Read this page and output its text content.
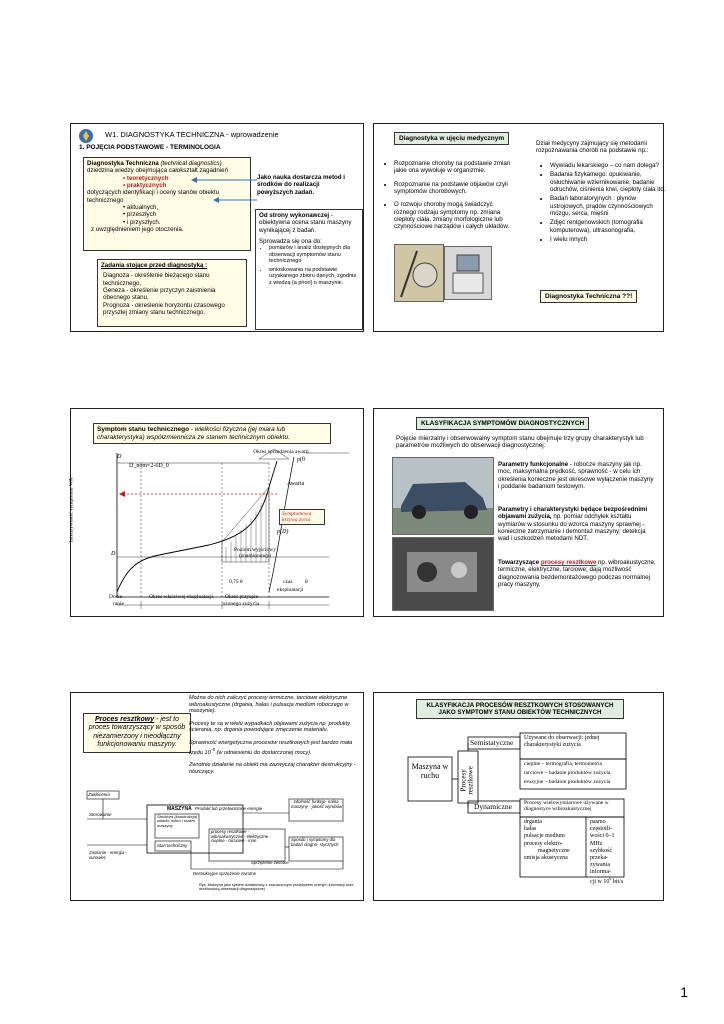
W1. DIAGNOSTYKA TECHNICZNA - wprowadzenie
1. POJĘCIA PODSTAWOWE - TERMINOLOGIA
Diagnostyka Techniczna (technical diagnostics)
dziedzina wiedzy obejmująca całokształt zagadnień
• teoretycznych
• praktycznych
dotyczących identyfikacji i oceny stanów obiektu technicznego
• aktualnych,
• przeszłych
• i przyszłych.
z uwzględnieniem jego otoczenia.
Jako nauka dostarcza metod i środków do realizacji powyższych zadań.
Od strony wykonawczej - obiektywna ocena stanu maszyny wynikającej z badań.
Sprowadza się ona do:
• pomiarów i analiz dostępnych dla obserwacji symptomów stanu technicznego
• wnioskowania na podstawie uzyskanego zbioru danych, zgodnie z wiedzą (a priori) o maszynie.
Zadania stojące przed diagnostyką :
Diagnoza - określenie bieżącego stanu technicznego,
Geneza - określenie przyczyn zaistnienia obecnego stanu,
Prognoza - określenie horyzontu czasowego przyszłej zmiany stanu technicznego.
Diagnostyka w ujęciu medycznym
• Rozpoznanie choroby na podstawie zmian jakie ona wywołuje w organizmie.
• Rozpoznanie na podstawie objawów czyli symptomów chorobowych.
• O rozwoju choroby mogą świadczyć różnego rodzaju symptomy np. zmiana ciepłoty ciała, zmiany morfologiczne lub czynnościowe narządów i całych układów.
Dział medycyny zajmujący się metodami rozpoznawania chorób na podstawie np.:
• Wywiadu lekarskiego – co nam dolega?
• Badania fizykalnego: opukiwanie, osłuchiwanie wziernikowanie, badanie odruchów, ciśnienia krwi, ciepłoty ciała itd.
• Badań laboratoryjnych : płynów ustrojowych, prądów czynnościowych mózgu, serca, mięśni
• Zdjęć rentgenowskich (tomografia komputerowa), ultrasonografia,
• I wielu innych
Diagnostyka Techniczna ??!
Symptom stanu technicznego - wielkości fizyczna (jej miara lub charakterystyka) współzmiennicza ze stanem technicznym obiektu.
Intensywność symptomu WA
D
D_nom=2-6D_0
D
Okres sprzedzenia awarii
p(θ
Awaria
Symptomowa krzywa życia
p(D)
Poziom wyjściowy (znamionowy)
0,75 θ	czas θ
eksploatacji
Docie-
ranie
Okres właściwej eksploatacji Okres przyspie-
szonego zużycia
KLASYFIKACJA SYMPTOMÓW DIAGNOSTYCZNYCH
Pojęcie mierzalny i obserwowalny symptom stanu obejmuje trzy grupy charakterystyk lub parametrów możliwych do obserwacji diagnostycznej:
Parametry funkcjonalne - robocze maszyny jak np. moc, maksymalna prędkość, sprawność - w celu ich określenia konieczne jest okresowe wyłączenie maszyny i poddanie badaniom testowym.
Parametry i charakterystyki będące bezpośrednimi objawami zużycia, np. pomiar odchyłek kształtu wymiarów w stosunku do wzorca maszyny sprawnej - konieczne zatrzymanie i demontaż maszyny; detekcja wad i uszkodzeń metodami NDT.
Towarzyszące procesy resztkowe np. wibroakustyczne, termiczne, elektryczne, tarciowe; dają możliwość diagnozowania bezdemontażowego podczas normalnej pracy maszyny.
Proces resztkowy - jest to proces towarzyszący w sposób niezamierzony i nieodłączny funkcjonowaniu maszyny.
Można do nich zaliczyć procesy termiczne, tarciowe elektryczne wibroakustyczne (drgania, hałas i pulsacja medium roboczego w maszynie).
Procesy te są w wielu wypadkach objawami zużycia np. produkty ścierania, np. drgania powodujące zmęczenie materiału.
Sprawność energetyczna procesów resztkowych jest bardzo mała rzędu $10^{-5}$ (w odniesieniu do dostarczonej mocy).
Zwrotnie działanie na obiekt ma zazwyczaj charakter destrukcyjny - niszczący.
Zakłócenia
Sterowanie
MASZYNA
Struktura (konstrukcja) układu, mikro i makro maszyny
Produkt lub przetworzone energie
Zasilanie - energia - surowiec
- zdolność funkcjo- nalna maszyny - jakość wyrobów
procesy resztkowe - wibroakustyczne - elektryczne - cieplne - tarciowe - inne
Stan techniczny
Sposób i symptomy dla badań diagno- stycznych
Sprzężenie zwrotne
Destrukcyjne sprzężenie zwrotne
Rys. Maszyna jako system działaniowy z zaznaczonym przepływem energii i informacji oraz możliwością obserwacji diagnostycznej
KLASYFIKACJA PROCESÓW RESZTKOWYCH STOSOWANYCH
JAKO SYMPTOMY STANU OBIEKTÓW TECHNICZNYCH
Maszyna w ruchu	Procesy resztkowe
Semistatyczne
Dynamiczne
Używane do obserwacji: jednej charakterystyki zużycia
cieplne – termografia, termometria
tarciowe – badanie produktów zużycia
erozyjne – badanie produktów zużycia
Procesy wielowymiarowe używane w diagnostyce wibroakustycznej
drgania
hałas
pulsacje medium
procesy elektro-
magnetyczne
emisja akustyczna
pasmo częstotli-
wości 0–1 MHz
szybkość przeka-
zywania informa-
cji w $10^6$ bit/s
1
